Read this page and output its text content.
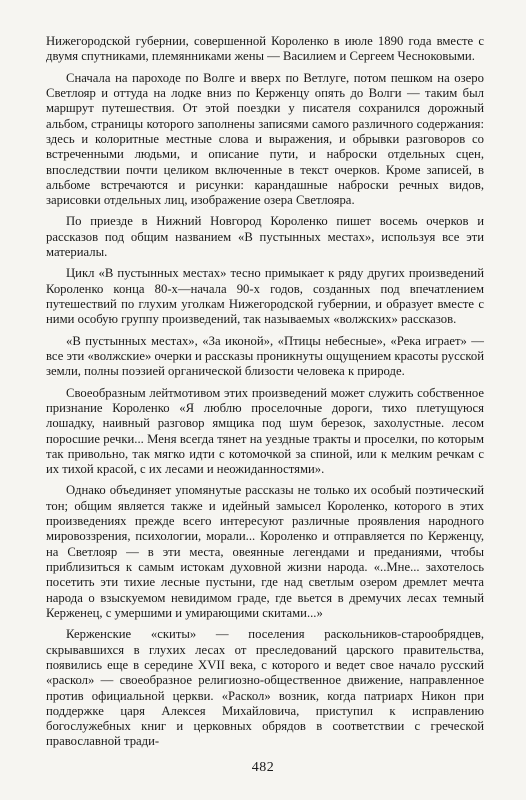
Нижегородской губернии, совершенной Короленко в июле 1890 года вместе с двумя спутниками, племянниками жены — Василием и Сергеем Чесноковыми.

Сначала на пароходе по Волге и вверх по Ветлуге, потом пешком на озеро Светлояр и оттуда на лодке вниз по Керженцу опять до Волги — таким был маршрут путешествия. От этой поездки у писателя сохранился дорожный альбом, страницы которого заполнены записями самого различного содержания: здесь и колоритные местные слова и выражения, и обрывки разговоров со встреченными людьми, и описание пути, и наброски отдельных сцен, впоследствии почти целиком включенные в текст очерков. Кроме записей, в альбоме встречаются и рисунки: карандашные наброски речных видов, зарисовки отдельных лиц, изображение озера Светлояра.

По приезде в Нижний Новгород Короленко пишет восемь очерков и рассказов под общим названием «В пустынных местах», используя все эти материалы.

Цикл «В пустынных местах» тесно примыкает к ряду других произведений Короленко конца 80-х—начала 90-х годов, созданных под впечатлением путешествий по глухим уголкам Нижегородской губернии, и образует вместе с ними особую группу произведений, так называемых «волжских» рассказов.

«В пустынных местах», «За иконой», «Птицы небесные», «Река играет» — все эти «волжские» очерки и рассказы проникнуты ощущением красоты русской земли, полны поэзией органической близости человека к природе.

Своеобразным лейтмотивом этих произведений может служить собственное признание Короленко «Я люблю проселочные дороги, тихо плетущуюся лошадку, наивный разговор ямщика под шум березок, захолустные. лесом поросшие речки... Меня всегда тянет на уездные тракты и проселки, по которым так привольно, так мягко идти с котомочкой за спиной, или к мелким речкам с их тихой красой, с их лесами и неожиданностями».

Однако объединяет упомянутые рассказы не только их особый поэтический тон; общим является также и идейный замысел Короленко, которого в этих произведениях прежде всего интересуют различные проявления народного мировоззрения, психологии, морали... Короленко и отправляется по Керженцу, на Светлояр — в эти места, овеянные легендами и преданиями, чтобы приблизиться к самым истокам духовной жизни народа. «..Мне... захотелось посетить эти тихие лесные пустыни, где над светлым озером дремлет мечта народа о взыскуемом невидимом граде, где вьется в дремучих лесах темный Керженец, с умершими и умирающими скитами...»

Керженские «скиты» — поселения раскольников-старообрядцев, скрывавшихся в глухих лесах от преследований царского правительства, появились еще в середине XVII века, с которого и ведет свое начало русский «раскол» — своеобразное религиозно-общественное движение, направленное против официальной церкви. «Раскол» возник, когда патриарх Никон при поддержке царя Алексея Михайловича, приступил к исправлению богослужебных книг и церковных обрядов в соответствии с греческой православной тради-

482
